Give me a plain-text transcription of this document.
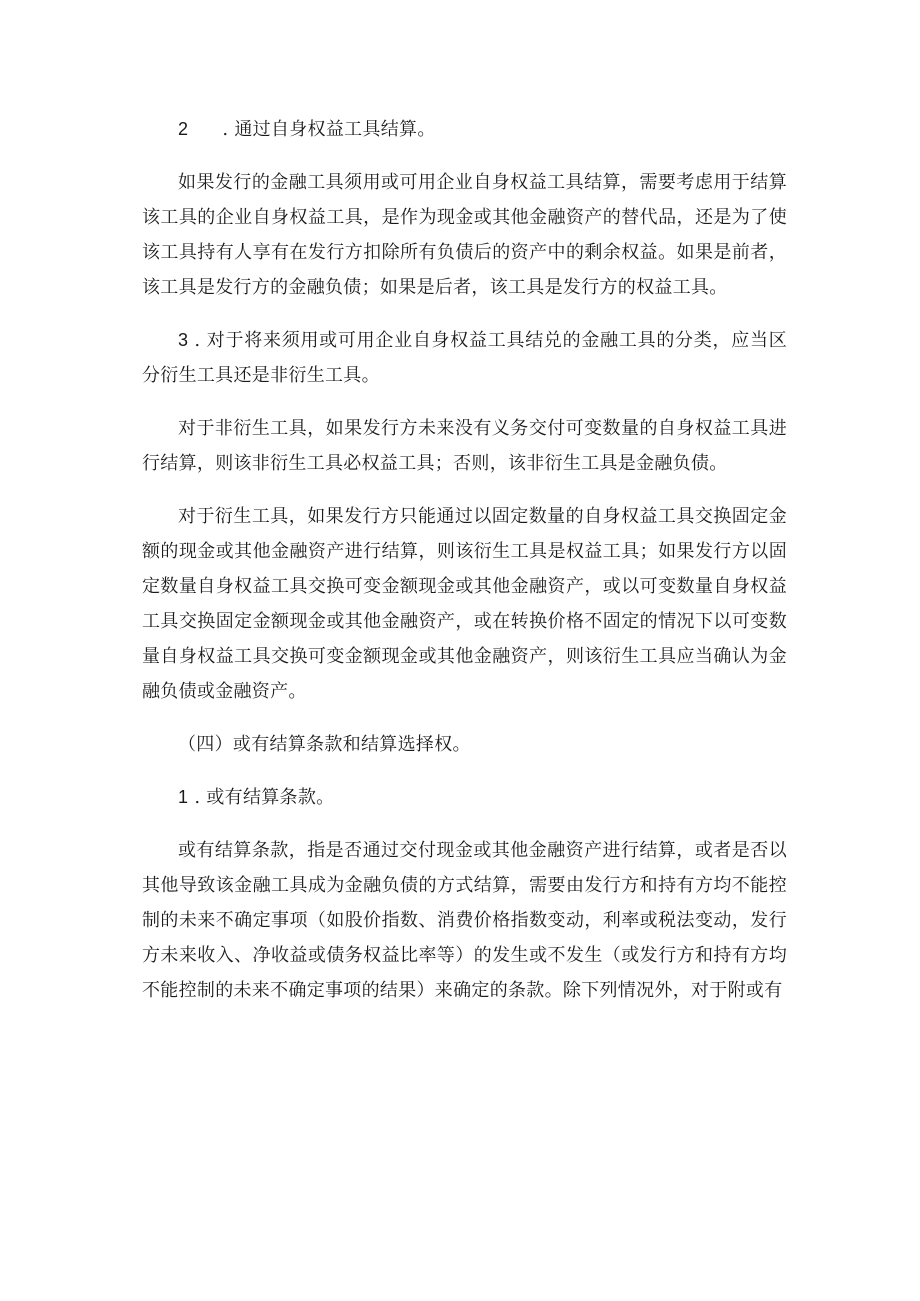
2 . 通过自身权益工具结算。

如果发行的金融工具须用或可用企业自身权益工具结算，需要考虑用于结算该工具的企业自身权益工具，是作为现金或其他金融资产的替代品，还是为了使该工具持有人享有在发行方扣除所有负债后的资产中的剩余权益。如果是前者，该工具是发行方的金融负债；如果是后者，该工具是发行方的权益工具。

3 . 对于将来须用或可用企业自身权益工具结兑的金融工具的分类，应当区分衍生工具还是非衍生工具。

对于非衍生工具，如果发行方未来没有义务交付可变数量的自身权益工具进行结算，则该非衍生工具必权益工具；否则，该非衍生工具是金融负债。

对于衍生工具，如果发行方只能通过以固定数量的自身权益工具交换固定金额的现金或其他金融资产进行结算，则该衍生工具是权益工具；如果发行方以固定数量自身权益工具交换可变金额现金或其他金融资产，或以可变数量自身权益工具交换固定金额现金或其他金融资产，或在转换价格不固定的情况下以可变数量自身权益工具交换可变金额现金或其他金融资产，则该衍生工具应当确认为金融负债或金融资产。

（四）或有结算条款和结算选择权。

1 . 或有结算条款。

或有结算条款，指是否通过交付现金或其他金融资产进行结算，或者是否以其他导致该金融工具成为金融负债的方式结算，需要由发行方和持有方均不能控制的未来不确定事项（如股价指数、消费价格指数变动，利率或税法变动，发行方未来收入、净收益或债务权益比率等）的发生或不发生（或发行方和持有方均不能控制的未来不确定事项的结果）来确定的条款。除下列情况外，对于附或有
